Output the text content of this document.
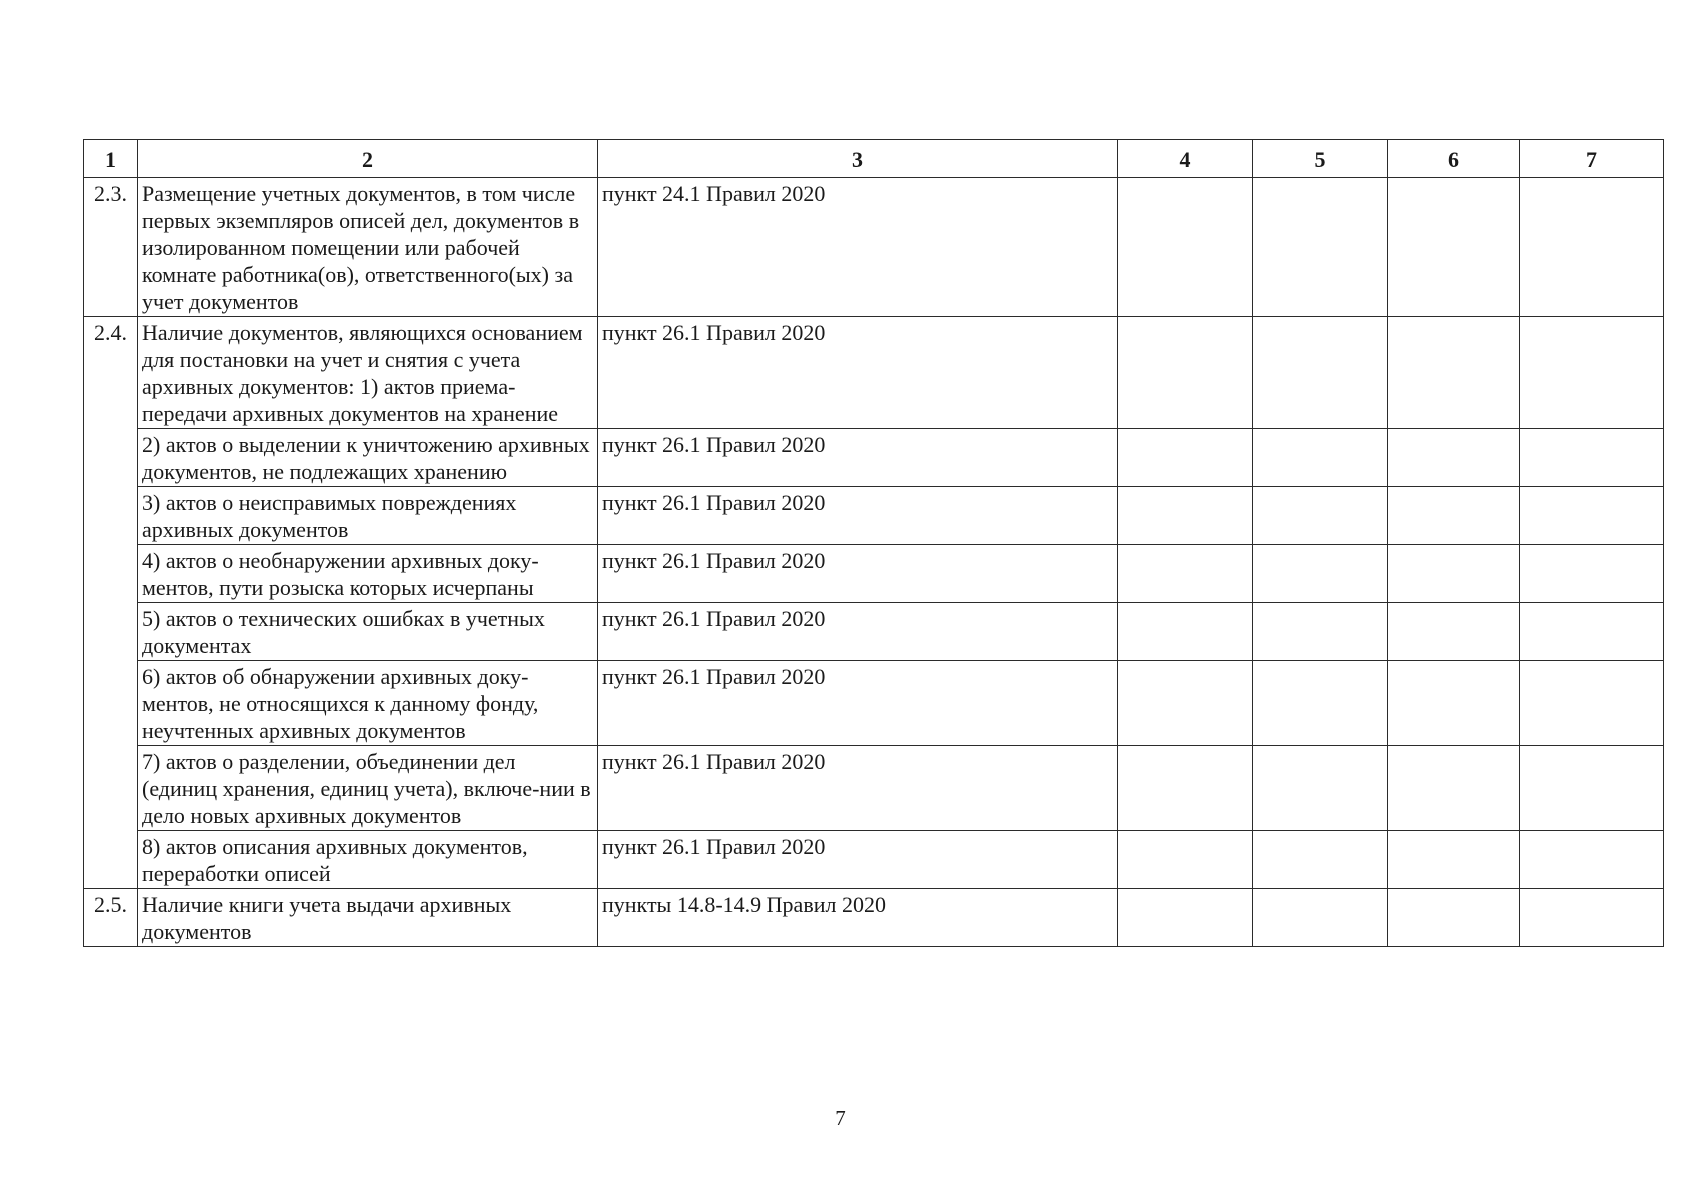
1	2	3	4	5	6	7
2.3.	Размещение учетных документов, в том числе первых экземпляров описей дел, документов в изолированном помещении или рабочей комнате работника(ов), ответственного(ых) за учет документов	пункт 24.1 Правил 2020				
2.4.	Наличие документов, являющихся основанием для постановки на учет и снятия с учета архивных документов: 1) актов приема-передачи архивных документов на хранение	пункт 26.1 Правил 2020				
	2) актов о выделении к уничтожению архивных документов, не подлежащих хранению	пункт 26.1 Правил 2020				
	3) актов о неисправимых повреждениях архивных документов	пункт 26.1 Правил 2020				
	4) актов о необнаружении архивных доку-ментов, пути розыска которых исчерпаны	пункт 26.1 Правил 2020				
	5) актов о технических ошибках в учетных документах	пункт 26.1 Правил 2020				
	6) актов об обнаружении архивных доку-ментов, не относящихся к данному фонду, неучтенных архивных документов	пункт 26.1 Правил 2020				
	7) актов о разделении, объединении дел (единиц хранения, единиц учета), включе-нии в дело новых архивных документов	пункт 26.1 Правил 2020				
	8) актов описания архивных документов, переработки описей	пункт 26.1 Правил 2020				
2.5.	Наличие книги учета выдачи архивных документов	пункты 14.8-14.9 Правил 2020				
7
